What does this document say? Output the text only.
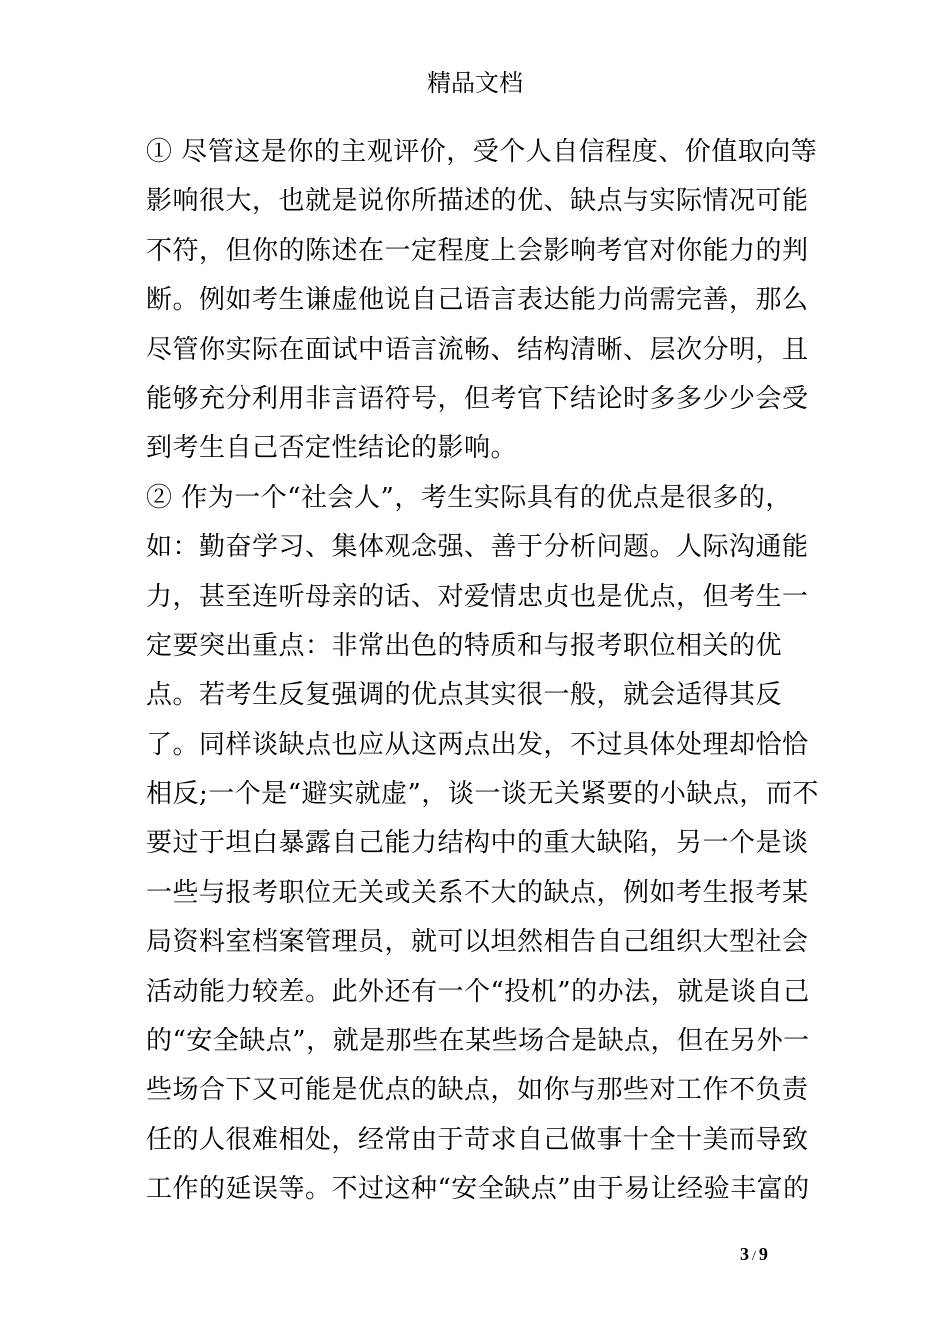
精品文档
① 尽管这是你的主观评价，受个人自信程度、价值取向等
影响很大，也就是说你所描述的优、缺点与实际情况可能
不符，但你的陈述在一定程度上会影响考官对你能力的判
断。例如考生谦虚他说自己语言表达能力尚需完善，那么
尽管你实际在面试中语言流畅、结构清晰、层次分明，且
能够充分利用非言语符号，但考官下结论时多多少少会受
到考生自己否定性结论的影响。
② 作为一个“社会人”，考生实际具有的优点是很多的，
如：勤奋学习、集体观念强、善于分析问题。人际沟通能
力，甚至连听母亲的话、对爱情忠贞也是优点，但考生一
定要突出重点：非常出色的特质和与报考职位相关的优
点。若考生反复强调的优点其实很一般，就会适得其反
了。同样谈缺点也应从这两点出发，不过具体处理却恰恰
相反;一个是“避实就虚”，谈一谈无关紧要的小缺点，而不
要过于坦白暴露自己能力结构中的重大缺陷，另一个是谈
一些与报考职位无关或关系不大的缺点，例如考生报考某
局资料室档案管理员，就可以坦然相告自己组织大型社会
活动能力较差。此外还有一个“投机”的办法，就是谈自己
的“安全缺点”，就是那些在某些场合是缺点，但在另外一
些场合下又可能是优点的缺点，如你与那些对工作不负责
任的人很难相处，经常由于苛求自己做事十全十美而导致
工作的延误等。不过这种“安全缺点”由于易让经验丰富的
3 / 9
